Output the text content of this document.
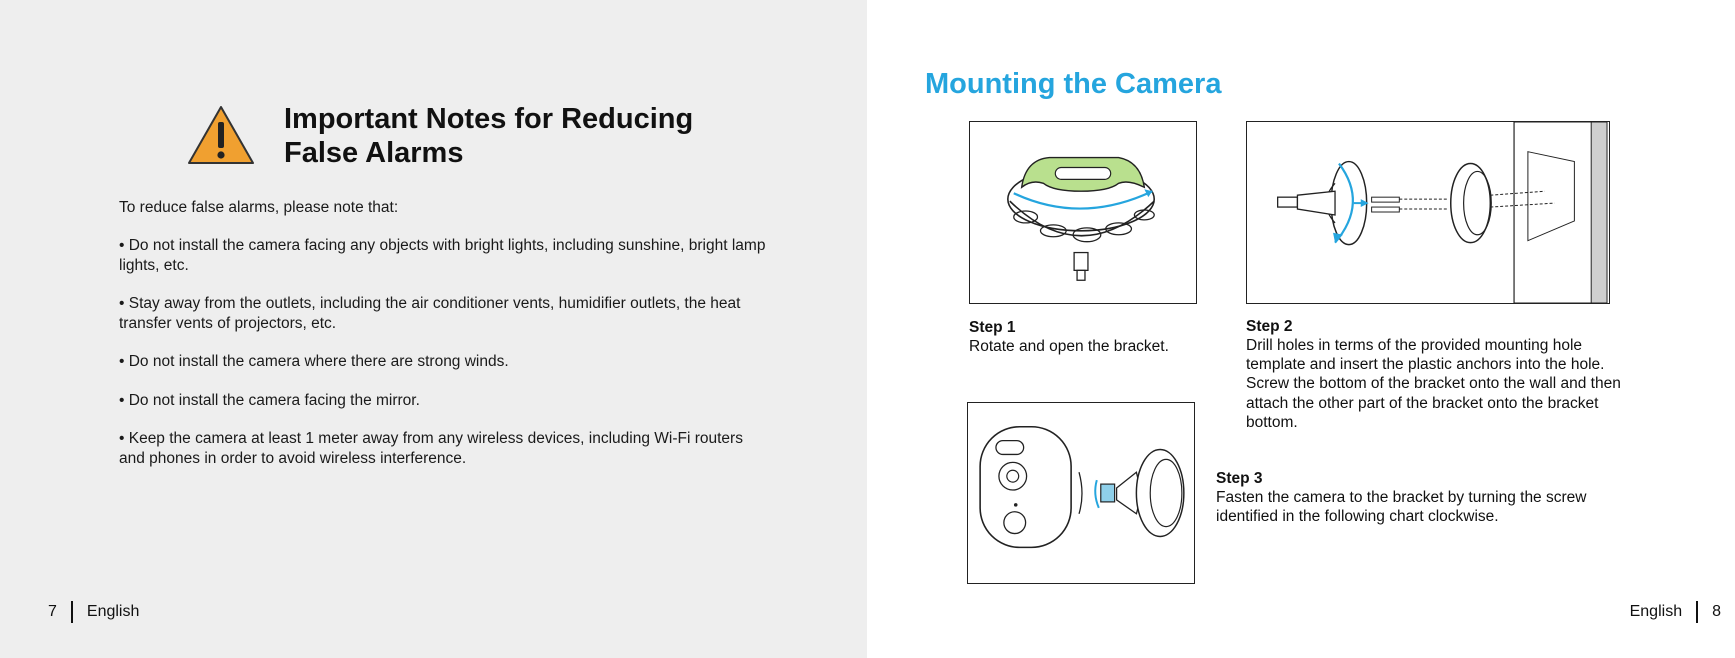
Important Notes for Reducing False Alarms

To reduce false alarms, please note that:

• Do not install the camera facing any objects with bright lights, including sunshine, bright lamp lights, etc.
• Stay away from the outlets, including the air conditioner vents, humidifier outlets, the heat transfer vents of projectors, etc.
• Do not install the camera where there are strong winds.
• Do not install the camera facing the mirror.
• Keep the camera at least 1 meter away from any wireless devices, including Wi-Fi routers and phones in order to avoid wireless interference.
7 English
Mounting the Camera

Step 1
Rotate and open the bracket.

Step 2
Drill holes in terms of the provided mounting hole template and insert the plastic anchors into the hole. Screw the bottom of the bracket onto the wall and then attach the other part of the bracket onto the bracket bottom.

Step 3
Fasten the camera to the bracket by turning the screw identified in the following chart clockwise.

English 8
